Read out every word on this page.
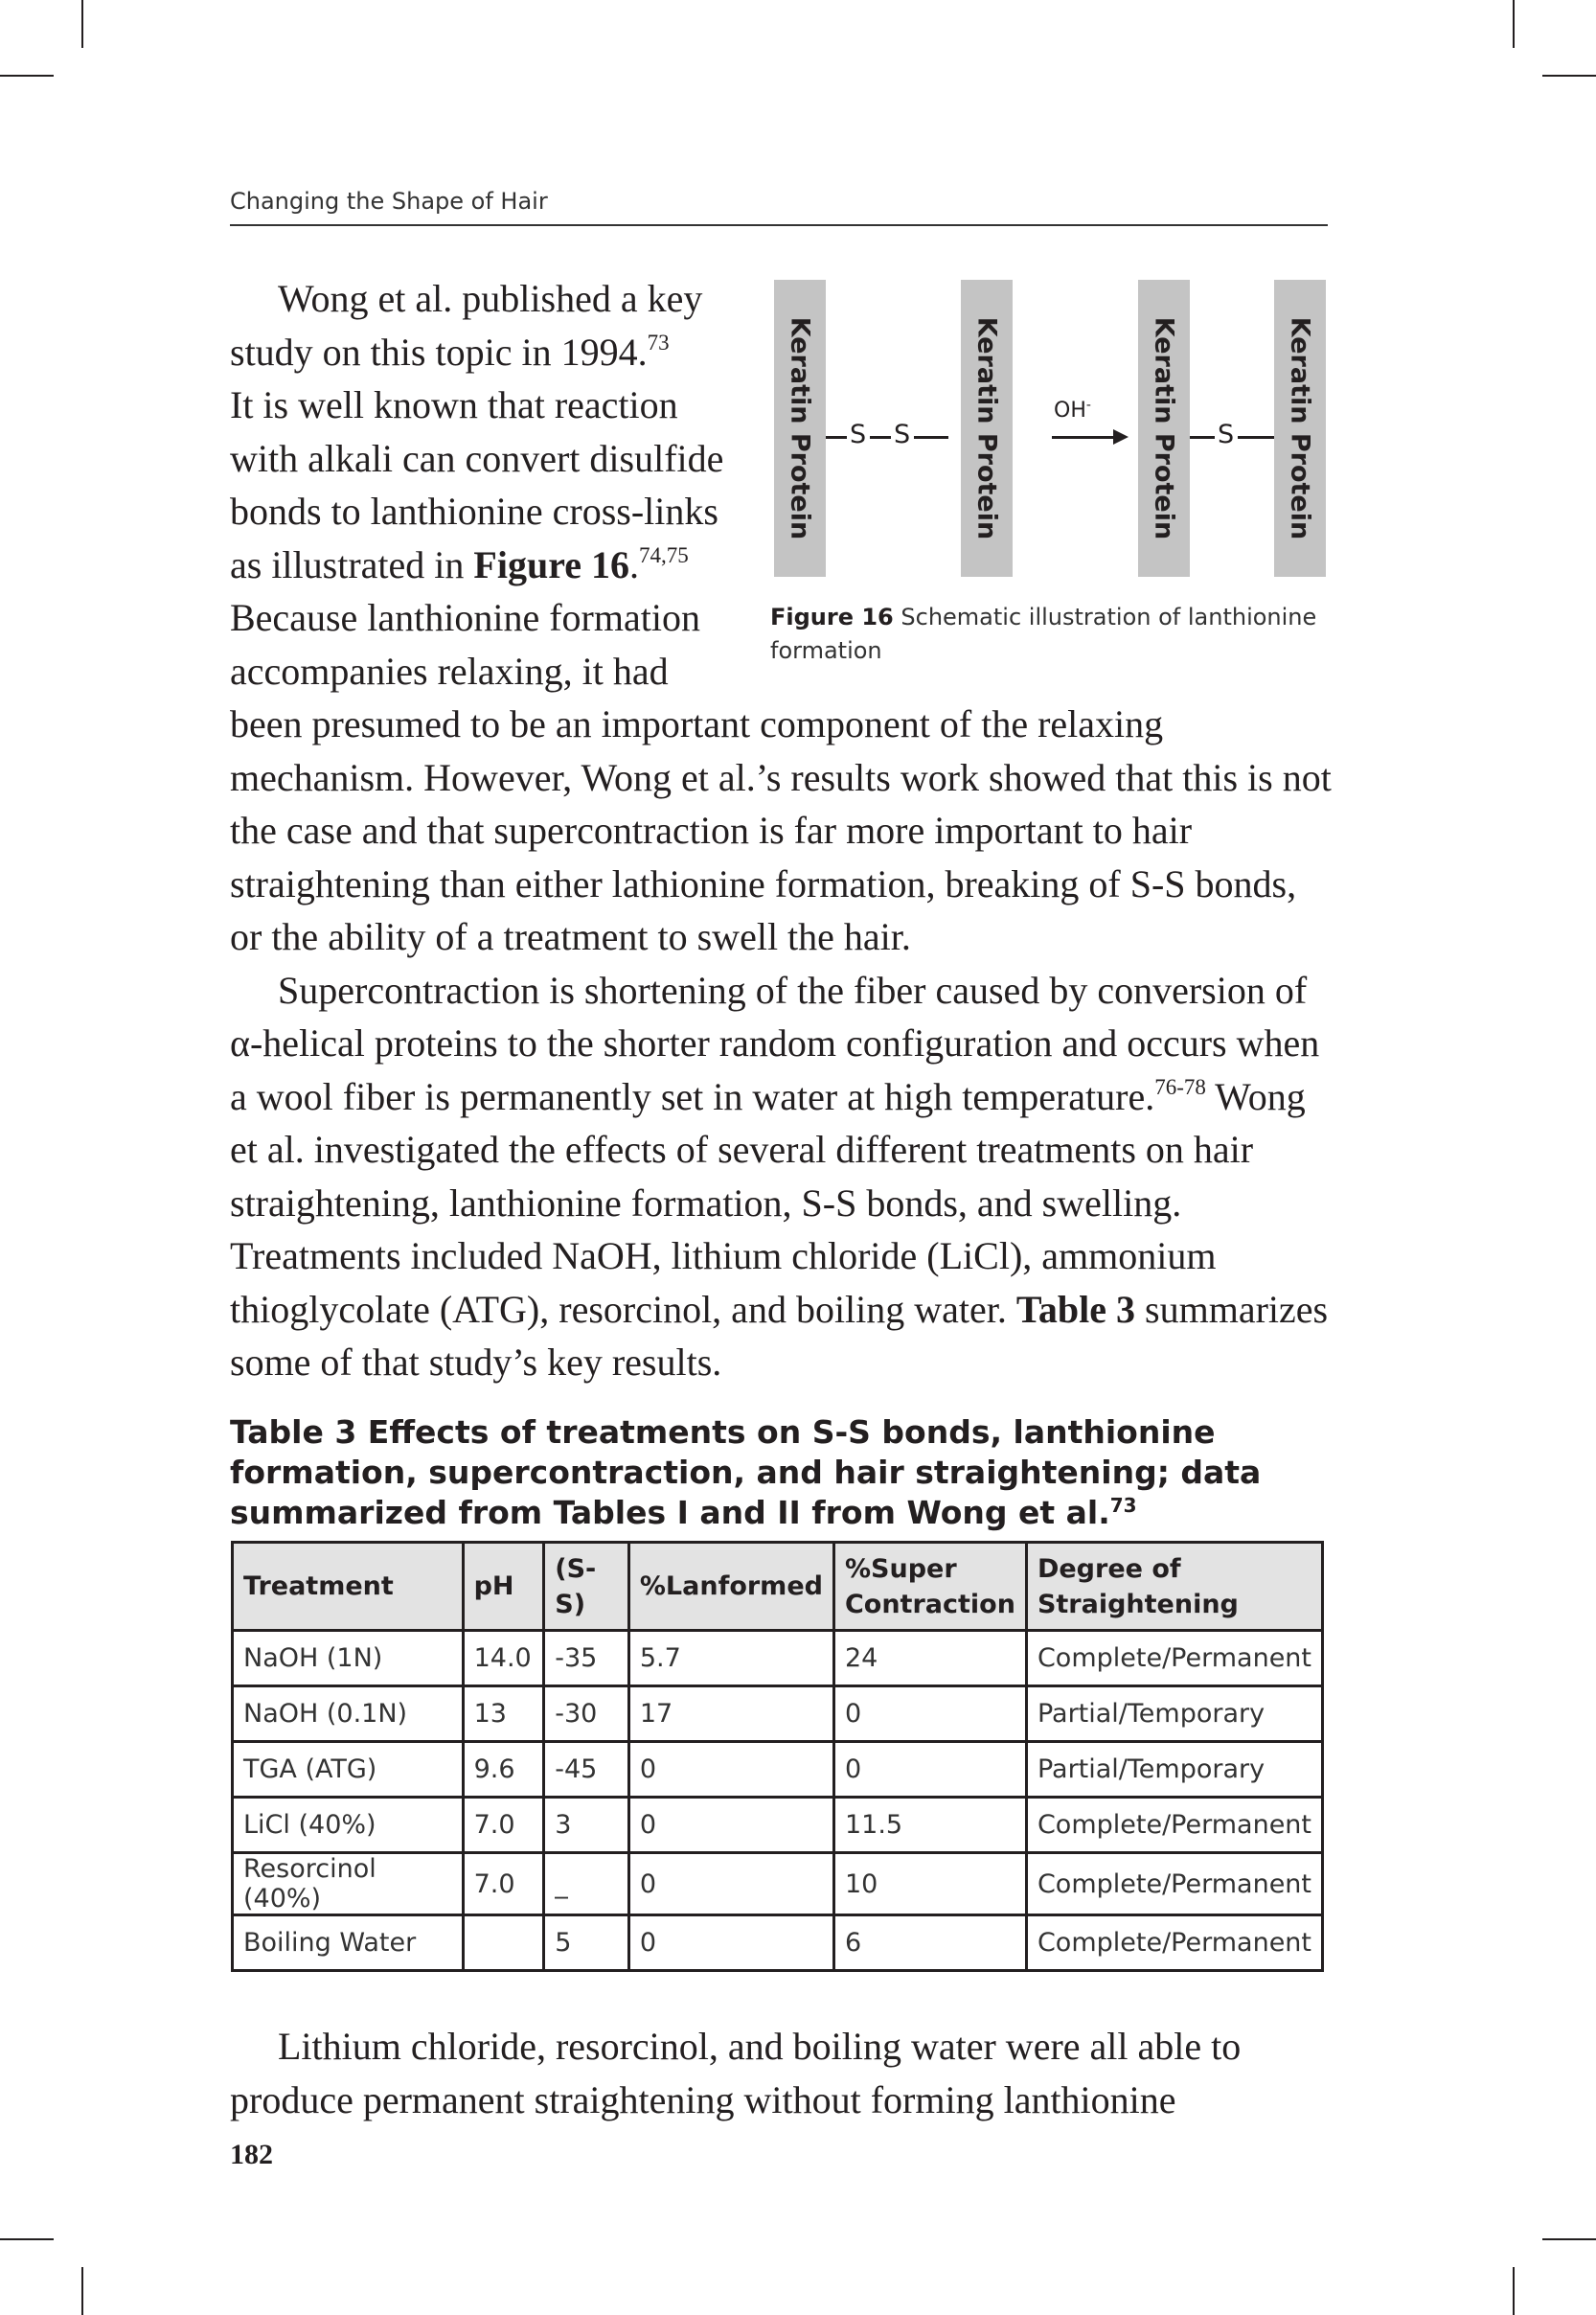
Changing the Shape of Hair
Wong et al. published a key
study on this topic in 1994.73
It is well known that reaction
with alkali can convert disulfide
bonds to lanthionine cross-links
as illustrated in Figure 16.$^{74,75}$
Because lanthionine formation
accompanies relaxing, it had
Keratin Protein S S Keratin Protein OH- Keratin Protein S Keratin Protein
Figure 16 Schematic illustration of lanthionine formation

been presumed to be an important component of the relaxing mechanism. However, Wong et al.’s results work showed that this is not the case and that supercontraction is far more important to hair straightening than either lathionine formation, breaking of S-S bonds, or the ability of a treatment to swell the hair.

Supercontraction is shortening of the fiber caused by conversion of α-helical proteins to the shorter random configuration and occurs when a wool fiber is permanently set in water at high temperature.$^{76-78}$ Wong et al. investigated the effects of several different treatments on hair straightening, lanthionine formation, S-S bonds, and swelling. Treatments included NaOH, lithium chloride (LiCl), ammonium thioglycolate (ATG), resorcinol, and boiling water. Table 3 summarizes some of that study’s key results.

Table 3 Effects of treatments on S-S bonds, lanthionine formation, supercontraction, and hair straightening; data summarized from Tables I and II from Wong et al.$^{73}$
Treatment	pH	(S-S)	%Lanformed	%Super Contraction	Degree of Straightening
NaOH (1N)	14.0	-35	5.7	24	Complete/Permanent
NaOH (0.1N)	13	-30	17	0	Partial/Temporary
TGA (ATG)	9.6	-45	0	0	Partial/Temporary
LiCl (40%)	7.0	3	0	11.5	Complete/Permanent
Resorcinol (40%)	7.0	_	0	10	Complete/Permanent
Boiling Water		5	0	6	Complete/Permanent

Lithium chloride, resorcinol, and boiling water were all able to produce permanent straightening without forming lanthionine

182
